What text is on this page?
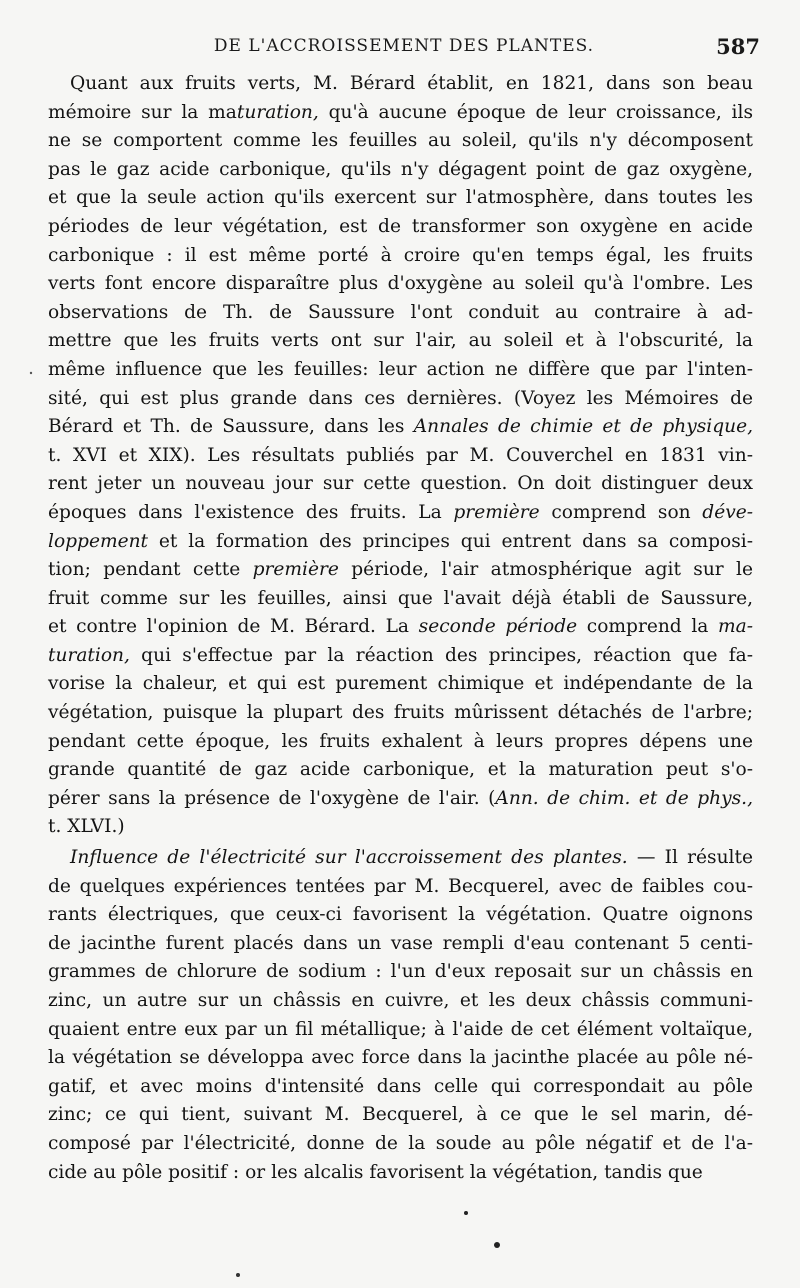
DE L'ACCROISSEMENT DES PLANTES.	587
Quant aux fruits verts, M. Bérard établit, en 1821, dans son beau
mémoire sur la maturation, qu'à aucune époque de leur croissance, ils
ne se comportent comme les feuilles au soleil, qu'ils n'y décomposent
pas le gaz acide carbonique, qu'ils n'y dégagent point de gaz oxygène,
et que la seule action qu'ils exercent sur l'atmosphère, dans toutes les
périodes de leur végétation, est de transformer son oxygène en acide
carbonique : il est même porté à croire qu'en temps égal, les fruits
verts font encore disparaître plus d'oxygène au soleil qu'à l'ombre. Les
observations de Th. de Saussure l'ont conduit au contraire à ad-
mettre que les fruits verts ont sur l'air, au soleil et à l'obscurité, la
même influence que les feuilles: leur action ne diffère que par l'inten-
sité, qui est plus grande dans ces dernières. (Voyez les Mémoires de
Bérard et Th. de Saussure, dans les Annales de chimie et de physique,
t. XVI et XIX). Les résultats publiés par M. Couverchel en 1831 vin-
rent jeter un nouveau jour sur cette question. On doit distinguer deux
époques dans l'existence des fruits. La première comprend son déve-
loppement et la formation des principes qui entrent dans sa composi-
tion; pendant cette première période, l'air atmosphérique agit sur le
fruit comme sur les feuilles, ainsi que l'avait déjà établi de Saussure,
et contre l'opinion de M. Bérard. La seconde période comprend la ma-
turation, qui s'effectue par la réaction des principes, réaction que fa-
vorise la chaleur, et qui est purement chimique et indépendante de la
végétation, puisque la plupart des fruits mûrissent détachés de l'arbre;
pendant cette époque, les fruits exhalent à leurs propres dépens une
grande quantité de gaz acide carbonique, et la maturation peut s'o-
pérer sans la présence de l'oxygène de l'air. (Ann. de chim. et de phys.,
t. XLVI.)
Influence de l'électricité sur l'accroissement des plantes. — Il résulte
de quelques expériences tentées par M. Becquerel, avec de faibles cou-
rants électriques, que ceux-ci favorisent la végétation. Quatre oignons
de jacinthe furent placés dans un vase rempli d'eau contenant 5 centi-
grammes de chlorure de sodium : l'un d'eux reposait sur un châssis en
zinc, un autre sur un châssis en cuivre, et les deux châssis communi-
quaient entre eux par un fil métallique; à l'aide de cet élément voltaïque,
la végétation se développa avec force dans la jacinthe placée au pôle né-
gatif, et avec moins d'intensité dans celle qui correspondait au pôle
zinc; ce qui tient, suivant M. Becquerel, à ce que le sel marin, dé-
composé par l'électricité, donne de la soude au pôle négatif et de l'a-
cide au pôle positif : or les alcalis favorisent la végétation, tandis que
